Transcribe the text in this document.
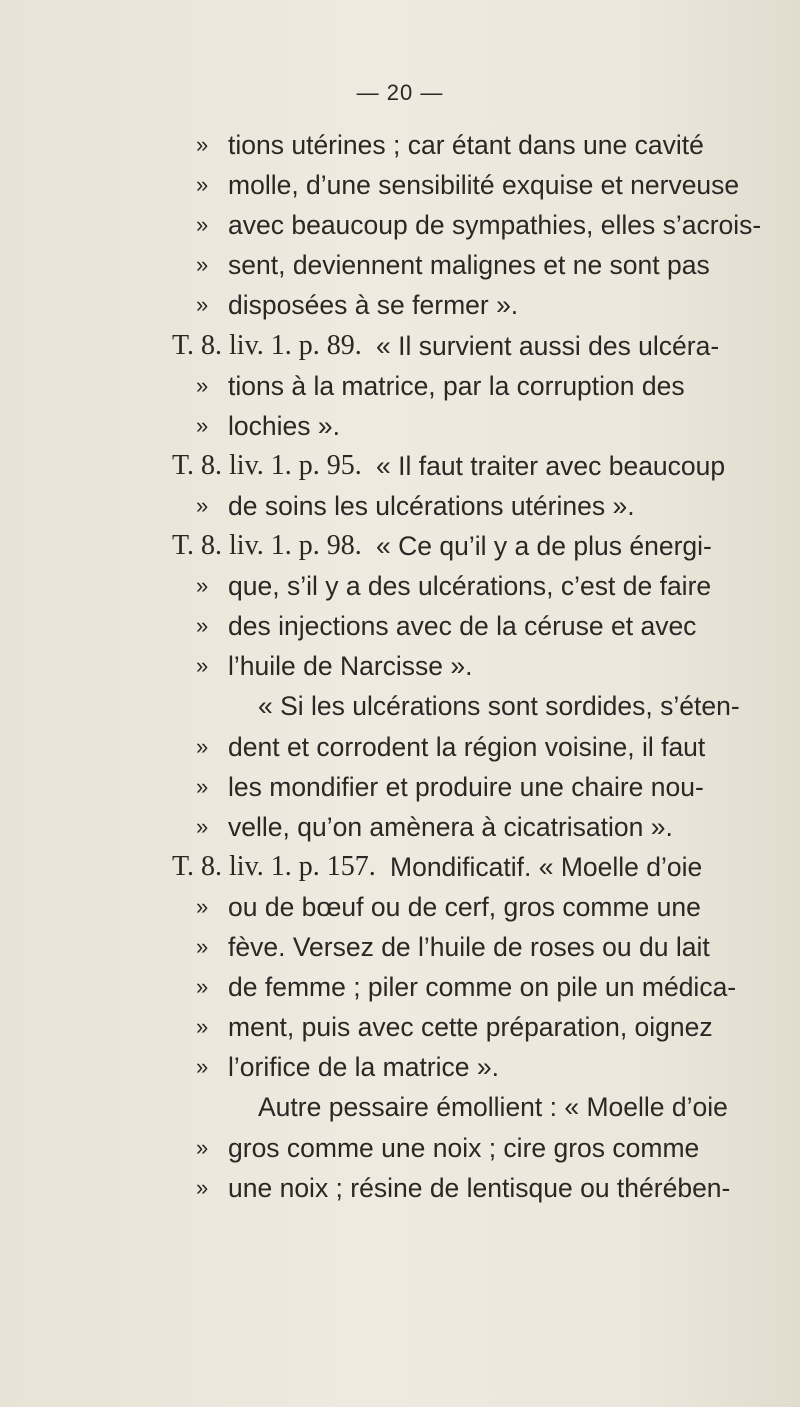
— 20 —
» tions utérines ; car étant dans une cavité
» molle, d’une sensibilité exquise et nerveuse
» avec beaucoup de sympathies, elles s’acrois-
» sent, deviennent malignes et ne sont pas
» disposées à se fermer ».
T. 8. liv. 1. p. 89. « Il survient aussi des ulcéra-
» tions à la matrice, par la corruption des
» lochies ».
T. 8. liv. 1. p. 95. « Il faut traiter avec beaucoup
» de soins les ulcérations utérines ».
T. 8. liv. 1. p. 98. « Ce qu’il y a de plus énergi-
» que, s’il y a des ulcérations, c’est de faire
» des injections avec de la céruse et avec
» l’huile de Narcisse ».
« Si les ulcérations sont sordides, s’éten-
» dent et corrodent la région voisine, il faut
» les mondifier et produire une chaire nou-
» velle, qu’on amènera à cicatrisation ».
T. 8. liv. 1. p. 157. Mondificatif. « Moelle d’oie
» ou de bœuf ou de cerf, gros comme une
» fève. Versez de l’huile de roses ou du lait
» de femme ; piler comme on pile un médica-
» ment, puis avec cette préparation, oignez
» l’orifice de la matrice ».
Autre pessaire émollient : « Moelle d’oie
» gros comme une noix ; cire gros comme
» une noix ; résine de lentisque ou thérében-
